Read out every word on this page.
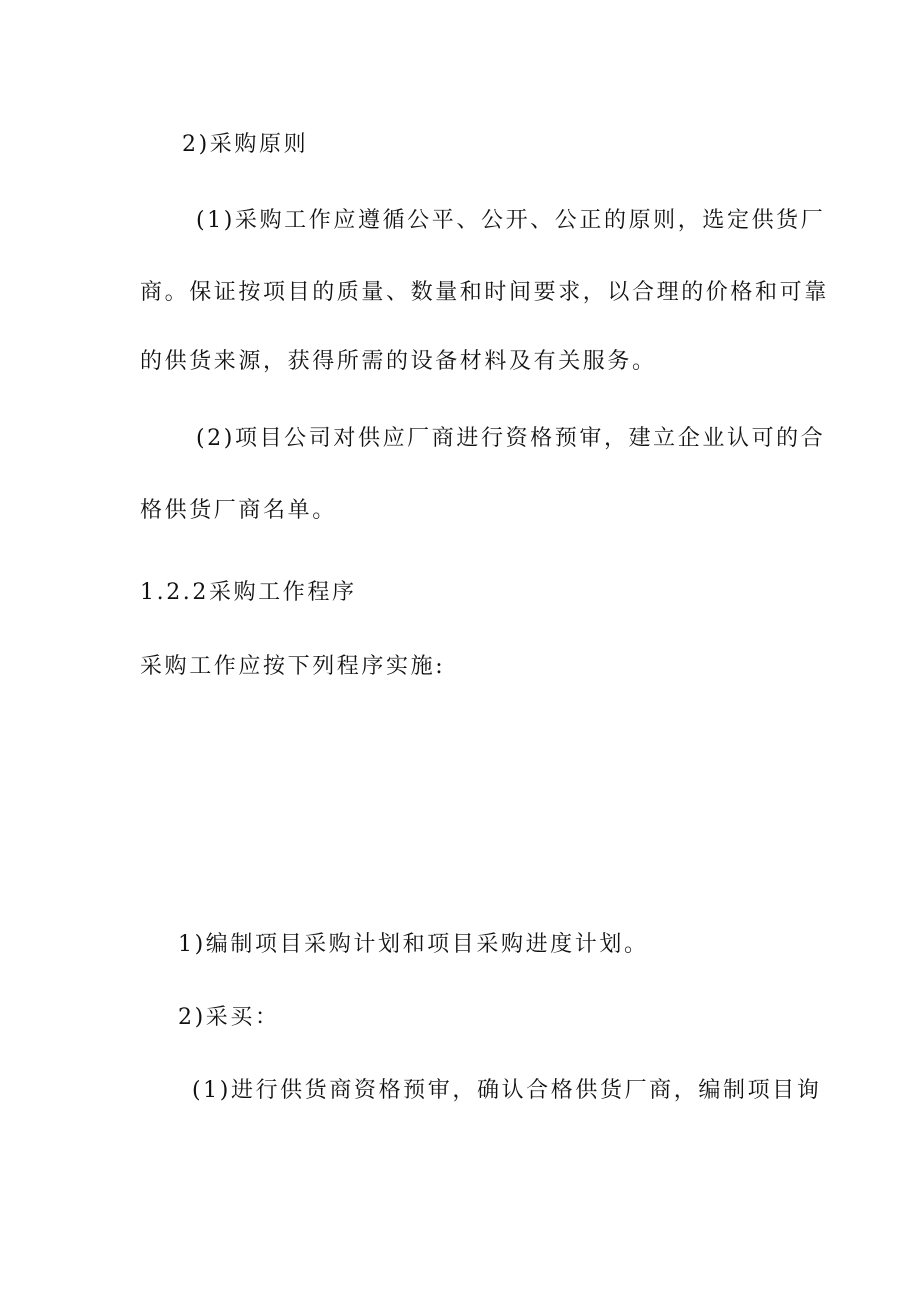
2)采购原则

(1)采购工作应遵循公平、公开、公正的原则，选定供货厂

商。保证按项目的质量、数量和时间要求，以合理的价格和可靠

的供货来源，获得所需的设备材料及有关服务。

(2)项目公司对供应厂商进行资格预审，建立企业认可的合

格供货厂商名单。

1.2.2采购工作程序

采购工作应按下列程序实施:

1)编制项目采购计划和项目采购进度计划。

2)采买：

(1)进行供货商资格预审，确认合格供货厂商，编制项目询
